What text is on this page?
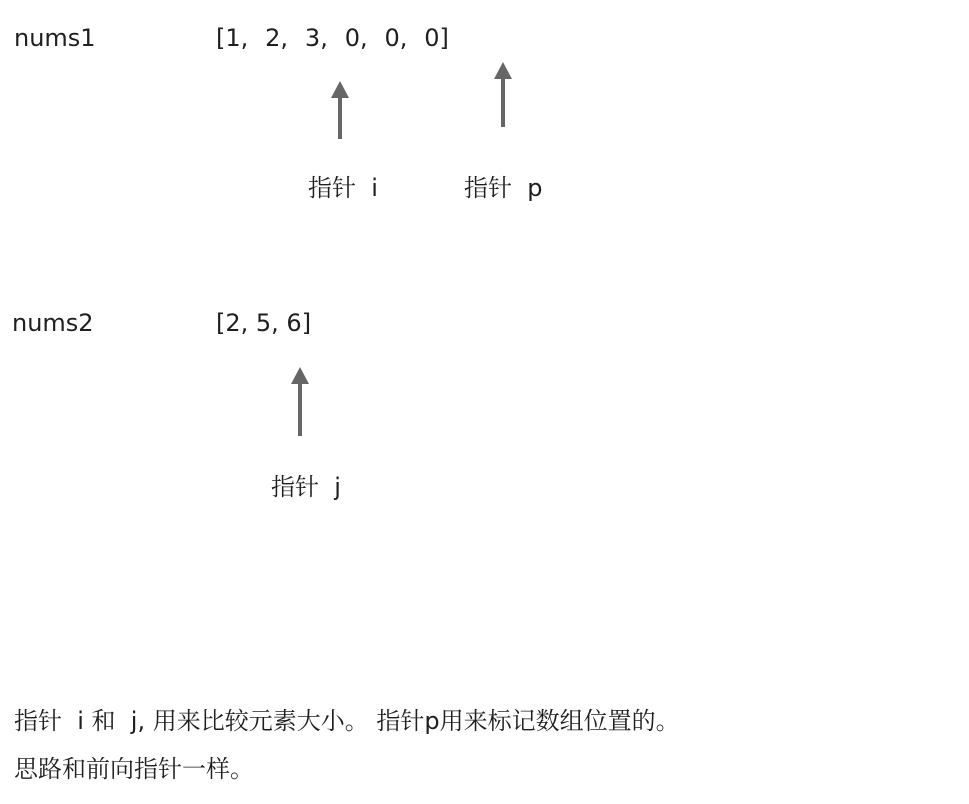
nums1	[1,   2,   3,   0,   0,   0]
nums2	[2, 5, 6]
指针  i	指针  p
指针  j
指针  i 和  j, 用来比较元素大小。 指针p用来标记数组位置的。
思路和前向指针一样。
